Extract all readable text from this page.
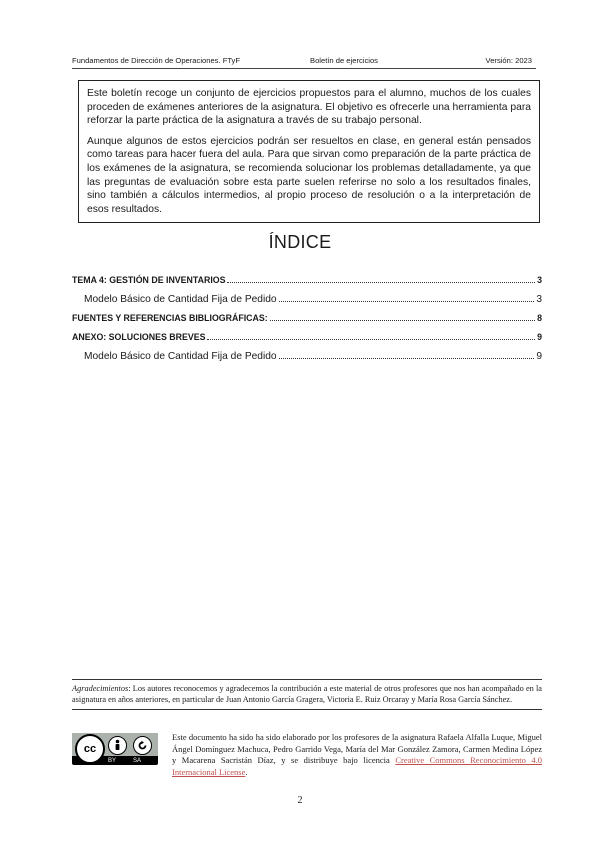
Fundamentos de Dirección de Operaciones. FTyF	Boletín de ejercicios	Versión: 2023

Este boletín recoge un conjunto de ejercicios propuestos para el alumno, muchos de los cuales proceden de exámenes anteriores de la asignatura. El objetivo es ofrecerle una herramienta para reforzar la parte práctica de la asignatura a través de su trabajo personal.

Aunque algunos de estos ejercicios podrán ser resueltos en clase, en general están pensados como tareas para hacer fuera del aula. Para que sirvan como preparación de la parte práctica de los exámenes de la asignatura, se recomienda solucionar los problemas detalladamente, ya que las preguntas de evaluación sobre esta parte suelen referirse no solo a los resultados finales, sino también a cálculos intermedios, al propio proceso de resolución o a la interpretación de esos resultados.

ÍNDICE
TEMA 4: GESTIÓN DE INVENTARIOS	3
Modelo Básico de Cantidad Fija de Pedido	3
FUENTES Y REFERENCIAS BIBLIOGRÁFICAS:	8
ANEXO: SOLUCIONES BREVES	9
Modelo Básico de Cantidad Fija de Pedido	9
Agradecimientos: Los autores reconocemos y agradecemos la contribución a este material de otros profesores que nos han acompañado en la asignatura en años anteriores, en particular de Juan Antonio García Gragera, Victoria E. Ruiz Orcaray y María Rosa García Sánchez.
cc
BY	SA
Este documento ha sido ha sido elaborado por los profesores de la asignatura Rafaela Alfalla Luque, Miguel Ángel Domínguez Machuca, Pedro Garrido Vega, María del Mar González Zamora, Carmen Medina López y Macarena Sacristán Díaz, y se distribuye bajo licencia Creative Commons Reconocimiento 4.0 Internacional License.
2
